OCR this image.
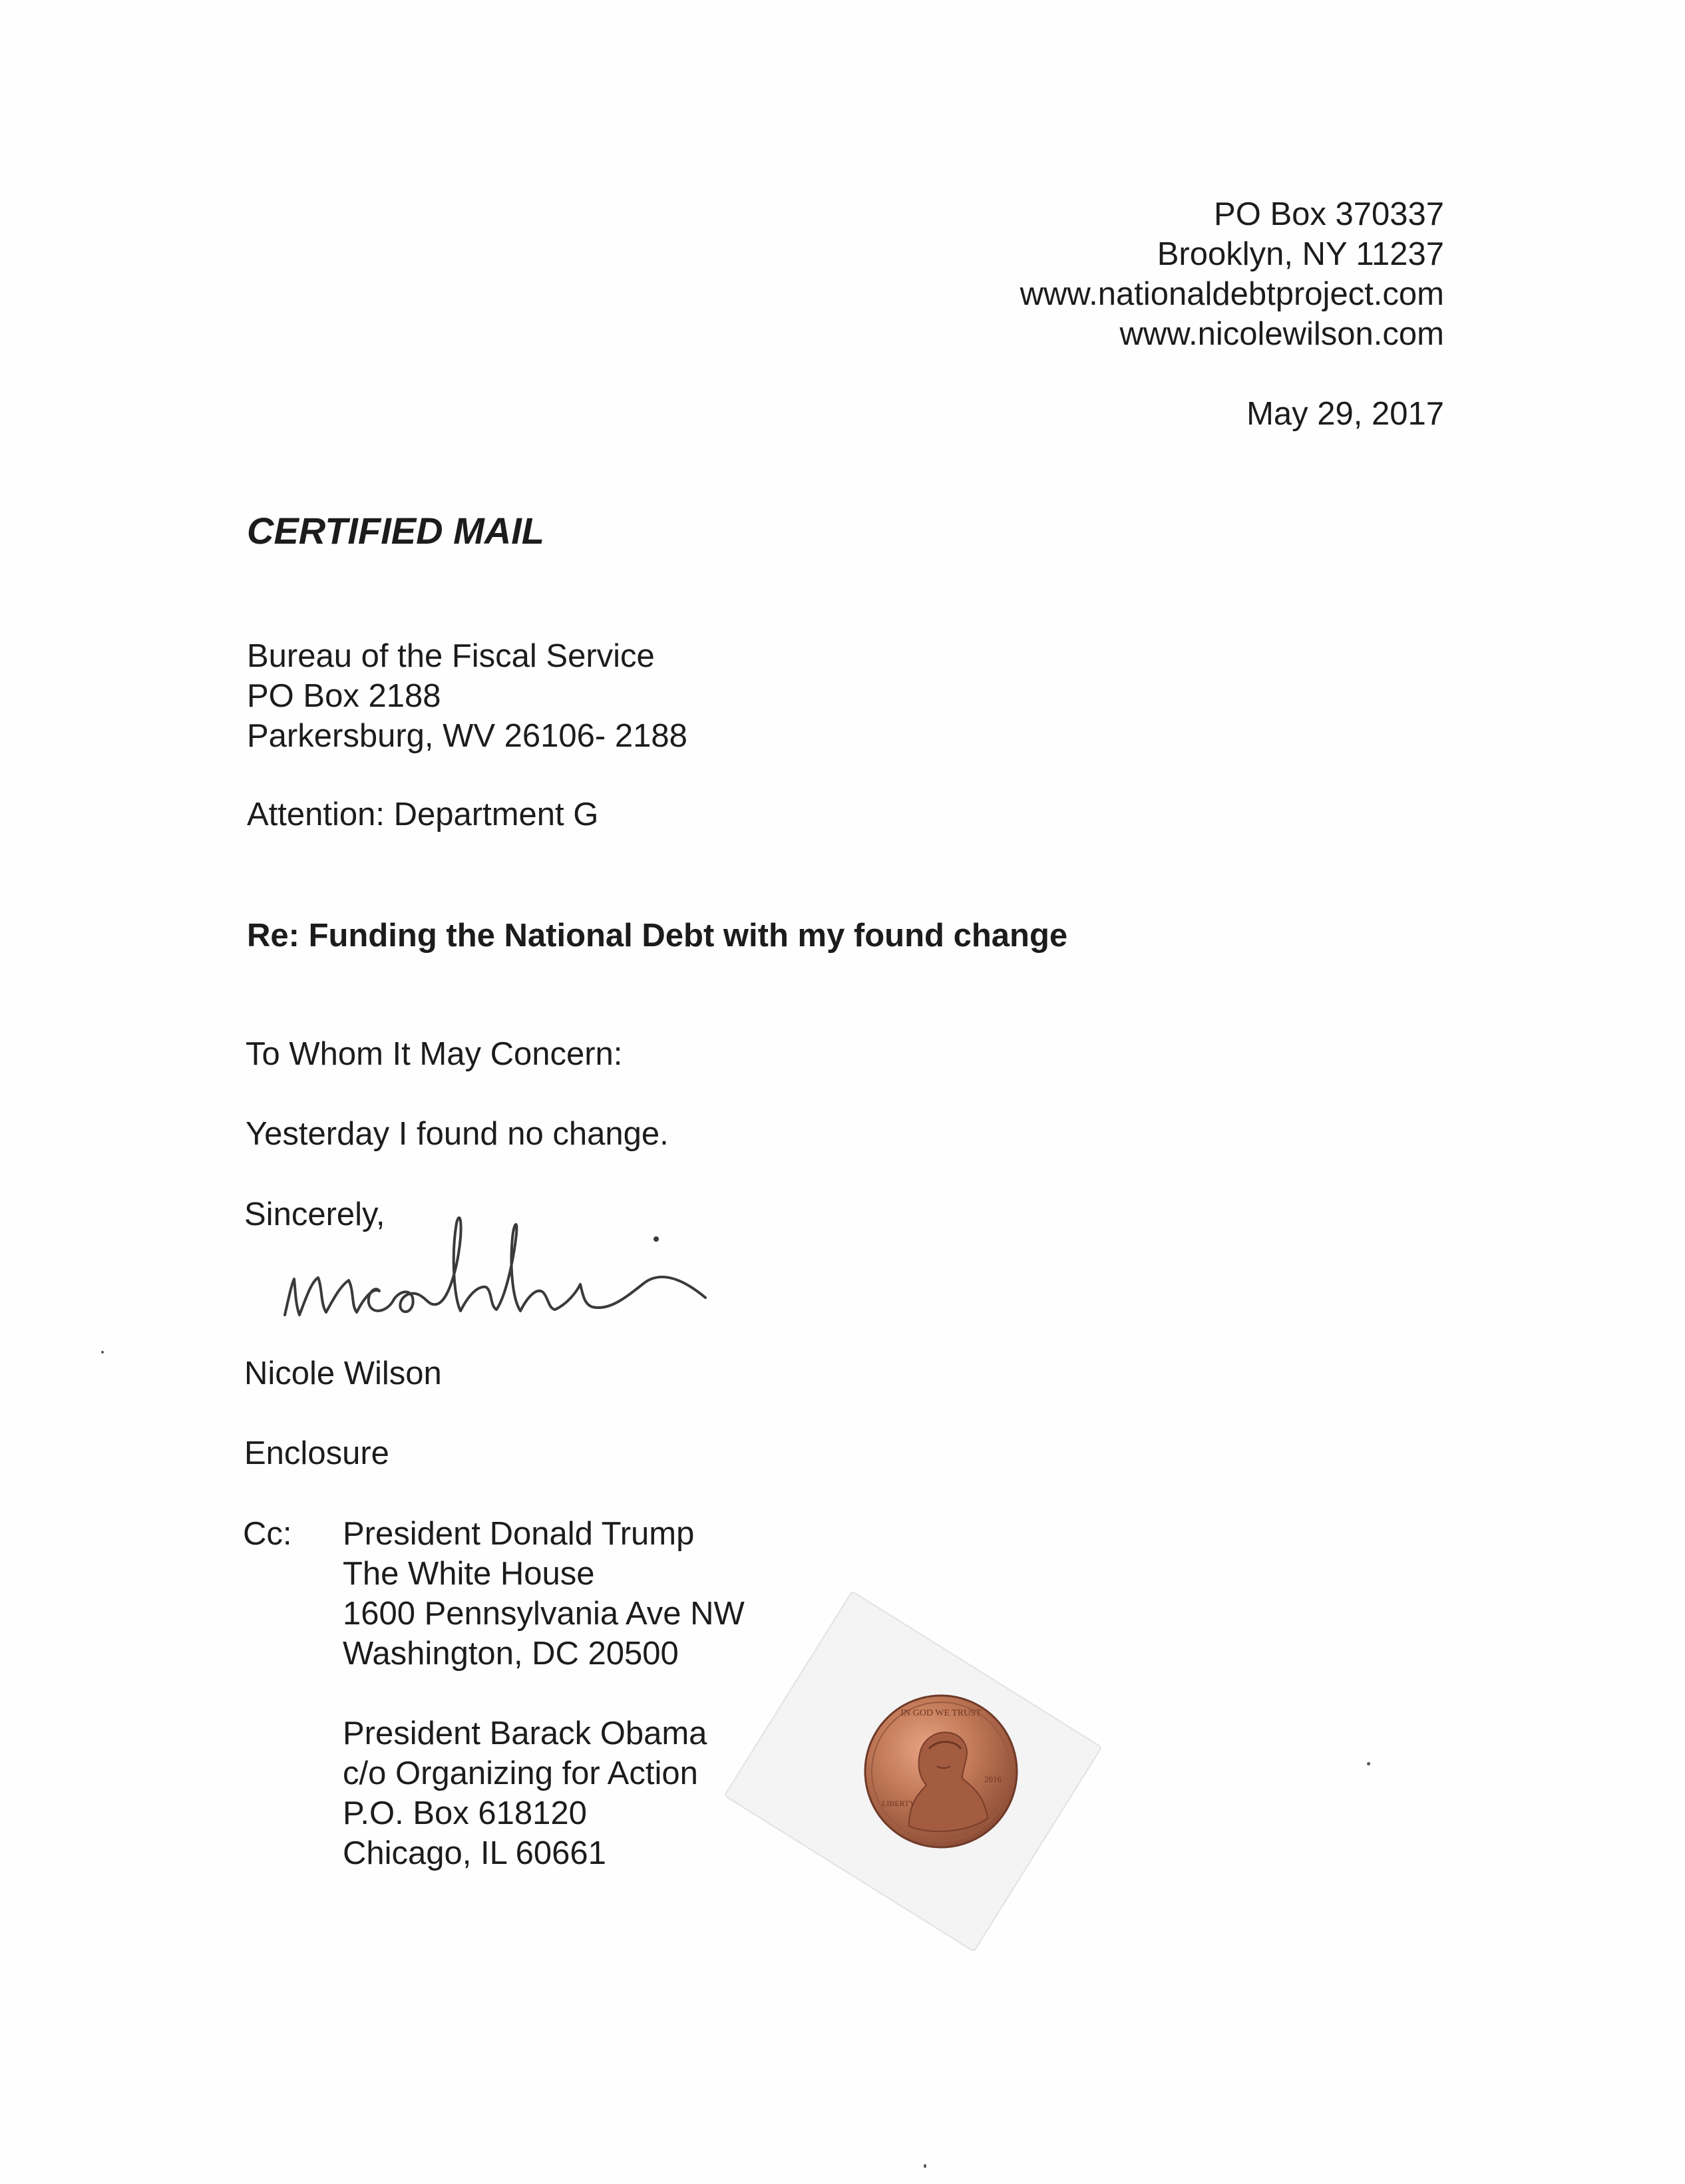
PO Box 370337
Brooklyn, NY 11237
www.nationaldebtproject.com
www.nicolewilson.com

May 29, 2017

CERTIFIED MAIL

Bureau of the Fiscal Service
PO Box 2188
Parkersburg, WV 26106- 2188

Attention: Department G

Re: Funding the National Debt with my found change

To Whom It May Concern:

Yesterday I found no change.

Sincerely,

Nicole Wilson

Enclosure

Cc: President Donald Trump
The White House
1600 Pennsylvania Ave NW
Washington, DC 20500
President Barack Obama
c/o Organizing for Action
P.O. Box 618120
Chicago, IL 60661
IN GOD WE TRUST
2016
LIBERTY
